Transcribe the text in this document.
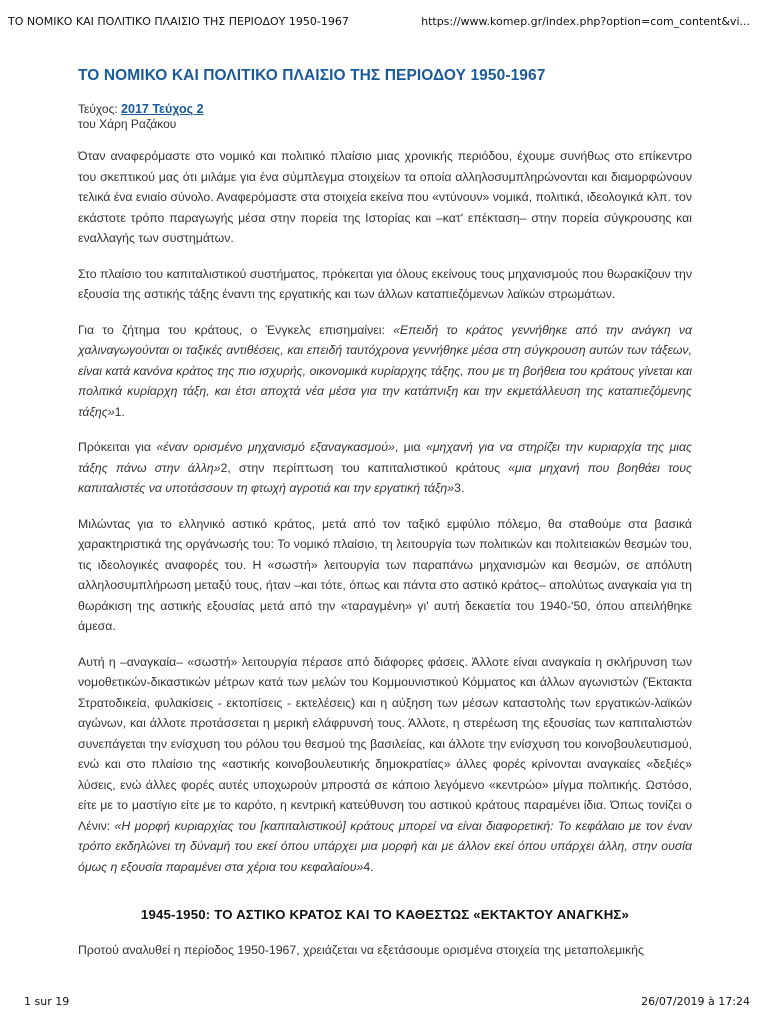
ΤΟ ΝΟΜΙΚΟ ΚΑΙ ΠΟΛΙΤΙΚΟ ΠΛΑΙΣΙΟ ΤΗΣ ΠΕΡΙΟΔΟΥ 1950-1967	https://www.komep.gr/index.php?option=com_content&vi...
ΤΟ ΝΟΜΙΚΟ ΚΑΙ ΠΟΛΙΤΙΚΟ ΠΛΑΙΣΙΟ ΤΗΣ ΠΕΡΙΟΔΟΥ 1950-1967
Τεύχος: 2017 Τεύχος 2
του Χάρη Ραζάκου

Όταν αναφερόμαστε στο νομικό και πολιτικό πλαίσιο μιας χρονικής περιόδου, έχουμε συνήθως στο επίκεντρο του σκεπτικού μας ότι μιλάμε για ένα σύμπλεγμα στοιχείων τα οποία αλληλοσυμπληρώνονται και διαμορφώνουν τελικά ένα ενιαίο σύνολο. Αναφερόμαστε στα στοιχεία εκείνα που «ντύνουν» νομικά, πολιτικά, ιδεολογικά κλπ. τον εκάστοτε τρόπο παραγωγής μέσα στην πορεία της Ιστορίας και –κατ' επέκταση– στην πορεία σύγκρουσης και εναλλαγής των συστημάτων.

Στο πλαίσιο του καπιταλιστικού συστήματος, πρόκειται για όλους εκείνους τους μηχανισμούς που θωρακίζουν την εξουσία της αστικής τάξης έναντι της εργατικής και των άλλων καταπιεζόμενων λαϊκών στρωμάτων.

Για το ζήτημα του κράτους, ο Ένγκελς επισημαίνει: «Επειδή το κράτος γεννήθηκε από την ανάγκη να χαλιναγωγούνται οι ταξικές αντιθέσεις, και επειδή ταυτόχρονα γεννήθηκε μέσα στη σύγκρουση αυτών των τάξεων, είναι κατά κανόνα κράτος της πιο ισχυρής, οικονομικά κυρίαρχης τάξης, που με τη βοήθεια του κράτους γίνεται και πολιτικά κυρίαρχη τάξη, και έτσι αποχτά νέα μέσα για την κατάπνιξη και την εκμετάλλευση της καταπιεζόμενης τάξης»1.

Πρόκειται για «έναν ορισμένο μηχανισμό εξαναγκασμού», μια «μηχανή για να στηρίζει την κυριαρχία της μιας τάξης πάνω στην άλλη»2, στην περίπτωση του καπιταλιστικού κράτους «μια μηχανή που βοηθάει τους καπιταλιστές να υποτάσσουν τη φτωχή αγροτιά και την εργατική τάξη»3.

Μιλώντας για το ελληνικό αστικό κράτος, μετά από τον ταξικό εμφύλιο πόλεμο, θα σταθούμε στα βασικά χαρακτηριστικά της οργάνωσής του: Το νομικό πλαίσιο, τη λειτουργία των πολιτικών και πολιτειακών θεσμών του, τις ιδεολογικές αναφορές του. Η «σωστή» λειτουργία των παραπάνω μηχανισμών και θεσμών, σε απόλυτη αλληλοσυμπλήρωση μεταξύ τους, ήταν –και τότε, όπως και πάντα στο αστικό κράτος– απολύτως αναγκαία για τη θωράκιση της αστικής εξουσίας μετά από την «ταραγμένη» γι' αυτή δεκαετία του 1940-'50, όπου απειλήθηκε άμεσα.

Αυτή η –αναγκαία– «σωστή» λειτουργία πέρασε από διάφορες φάσεις. Άλλοτε είναι αναγκαία η σκλήρυνση των νομοθετικών-δικαστικών μέτρων κατά των μελών του Κομμουνιστικού Κόμματος και άλλων αγωνιστών (Έκτακτα Στρατοδικεία, φυλακίσεις - εκτοπίσεις - εκτελέσεις) και η αύξηση των μέσων καταστολής των εργατικών-λαϊκών αγώνων, και άλλοτε προτάσσεται η μερική ελάφρυνσή τους. Άλλοτε, η στερέωση της εξουσίας των καπιταλιστών συνεπάγεται την ενίσχυση του ρόλου του θεσμού της βασιλείας, και άλλοτε την ενίσχυση του κοινοβουλευτισμού, ενώ και στο πλαίσιο της «αστικής κοινοβουλευτικής δημοκρατίας» άλλες φορές κρίνονται αναγκαίες «δεξιές» λύσεις, ενώ άλλες φορές αυτές υποχωρούν μπροστά σε κάποιο λεγόμενο «κεντρώο» μίγμα πολιτικής. Ωστόσο, είτε με το μαστίγιο είτε με το καρότο, η κεντρική κατεύθυνση του αστικού κράτους παραμένει ίδια. Όπως τονίζει ο Λένιν: «Η μορφή κυριαρχίας του [καπιταλιστικού] κράτους μπορεί να είναι διαφορετική: Το κεφάλαιο με τον έναν τρόπο εκδηλώνει τη δύναμή του εκεί όπου υπάρχει μια μορφή και με άλλον εκεί όπου υπάρχει άλλη, στην ουσία όμως η εξουσία παραμένει στα χέρια του κεφαλαίου»4.

1945-1950: ΤΟ ΑΣΤΙΚΟ ΚΡΑΤΟΣ ΚΑΙ ΤΟ ΚΑΘΕΣΤΩΣ «ΕΚΤΑΚΤΟΥ ΑΝΑΓΚΗΣ»

Προτού αναλυθεί η περίοδος 1950-1967, χρειάζεται να εξετάσουμε ορισμένα στοιχεία της μεταπολεμικής

1 sur 19	26/07/2019 à 17:24
